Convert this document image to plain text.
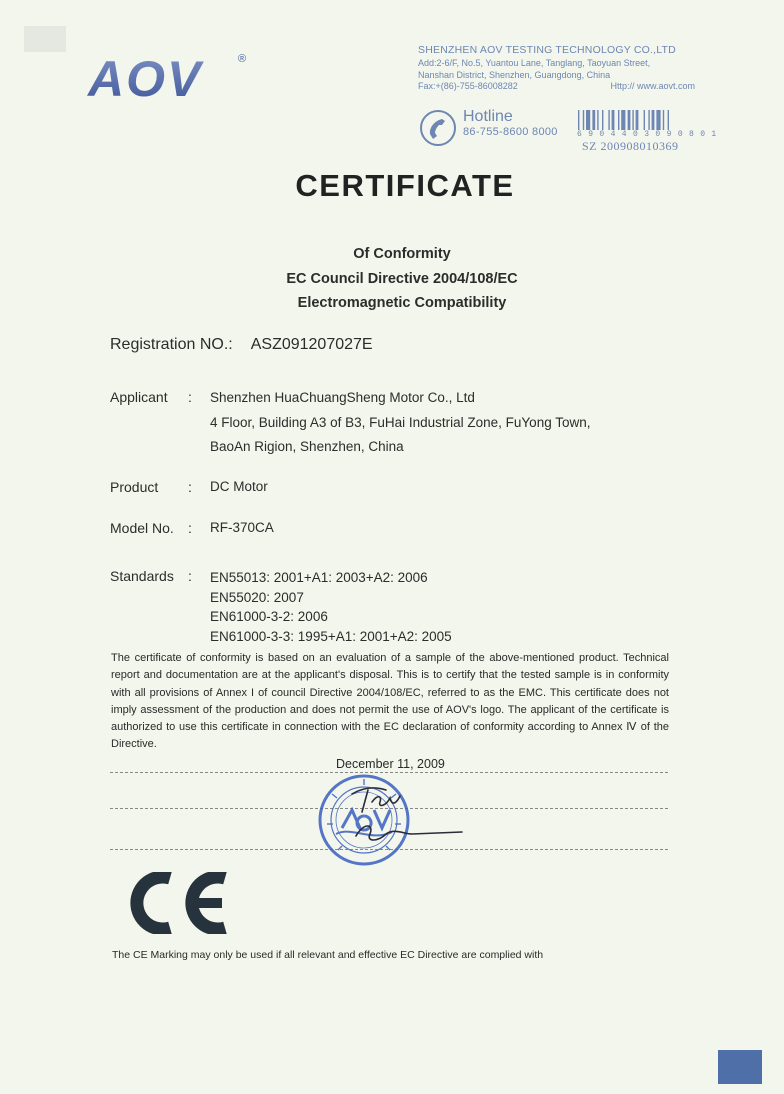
AOV	®
SHENZHEN AOV TESTING TECHNOLOGY CO.,LTD
Add:2-6/F, No.5, Yuantou Lane, Tanglang, Taoyuan Street,
Nanshan District, Shenzhen, Guangdong, China
Fax:+(86)-755-86008282	Http:// www.aovt.com
Hotline
86-755-8600 8000 6 9 0 4 4 0 3 0 9 0 8 0 1
SZ 200908010369
CERTIFICATE
Of Conformity
EC Council Directive 2004/108/EC
Electromagnetic Compatibility
Registration NO.: ASZ091207027E
Applicant : Shenzhen HuaChuangSheng Motor Co., Ltd
4 Floor, Building A3 of B3, FuHai Industrial Zone, FuYong Town,
BaoAn Rigion, Shenzhen, China
Product : DC Motor
Model No. : RF-370CA
Standards : EN55013: 2001+A1: 2003+A2: 2006
EN55020: 2007
EN61000-3-2: 2006
EN61000-3-3: 1995+A1: 2001+A2: 2005
The certificate of conformity is based on an evaluation of a sample of the above-mentioned product. Technical report and documentation are at the applicant's disposal. This is to certify that the tested sample is in conformity with all provisions of Annex I of council Directive 2004/108/EC, referred to as the EMC. This certificate does not imply assessment of the production and does not permit the use of AOV's logo. The applicant of the certificate is authorized to use this certificate in connection with the EC declaration of conformity according to Annex Ⅳ of the Directive.
December 11, 2009
The CE Marking may only be used if all relevant and effective EC Directive are complied with
